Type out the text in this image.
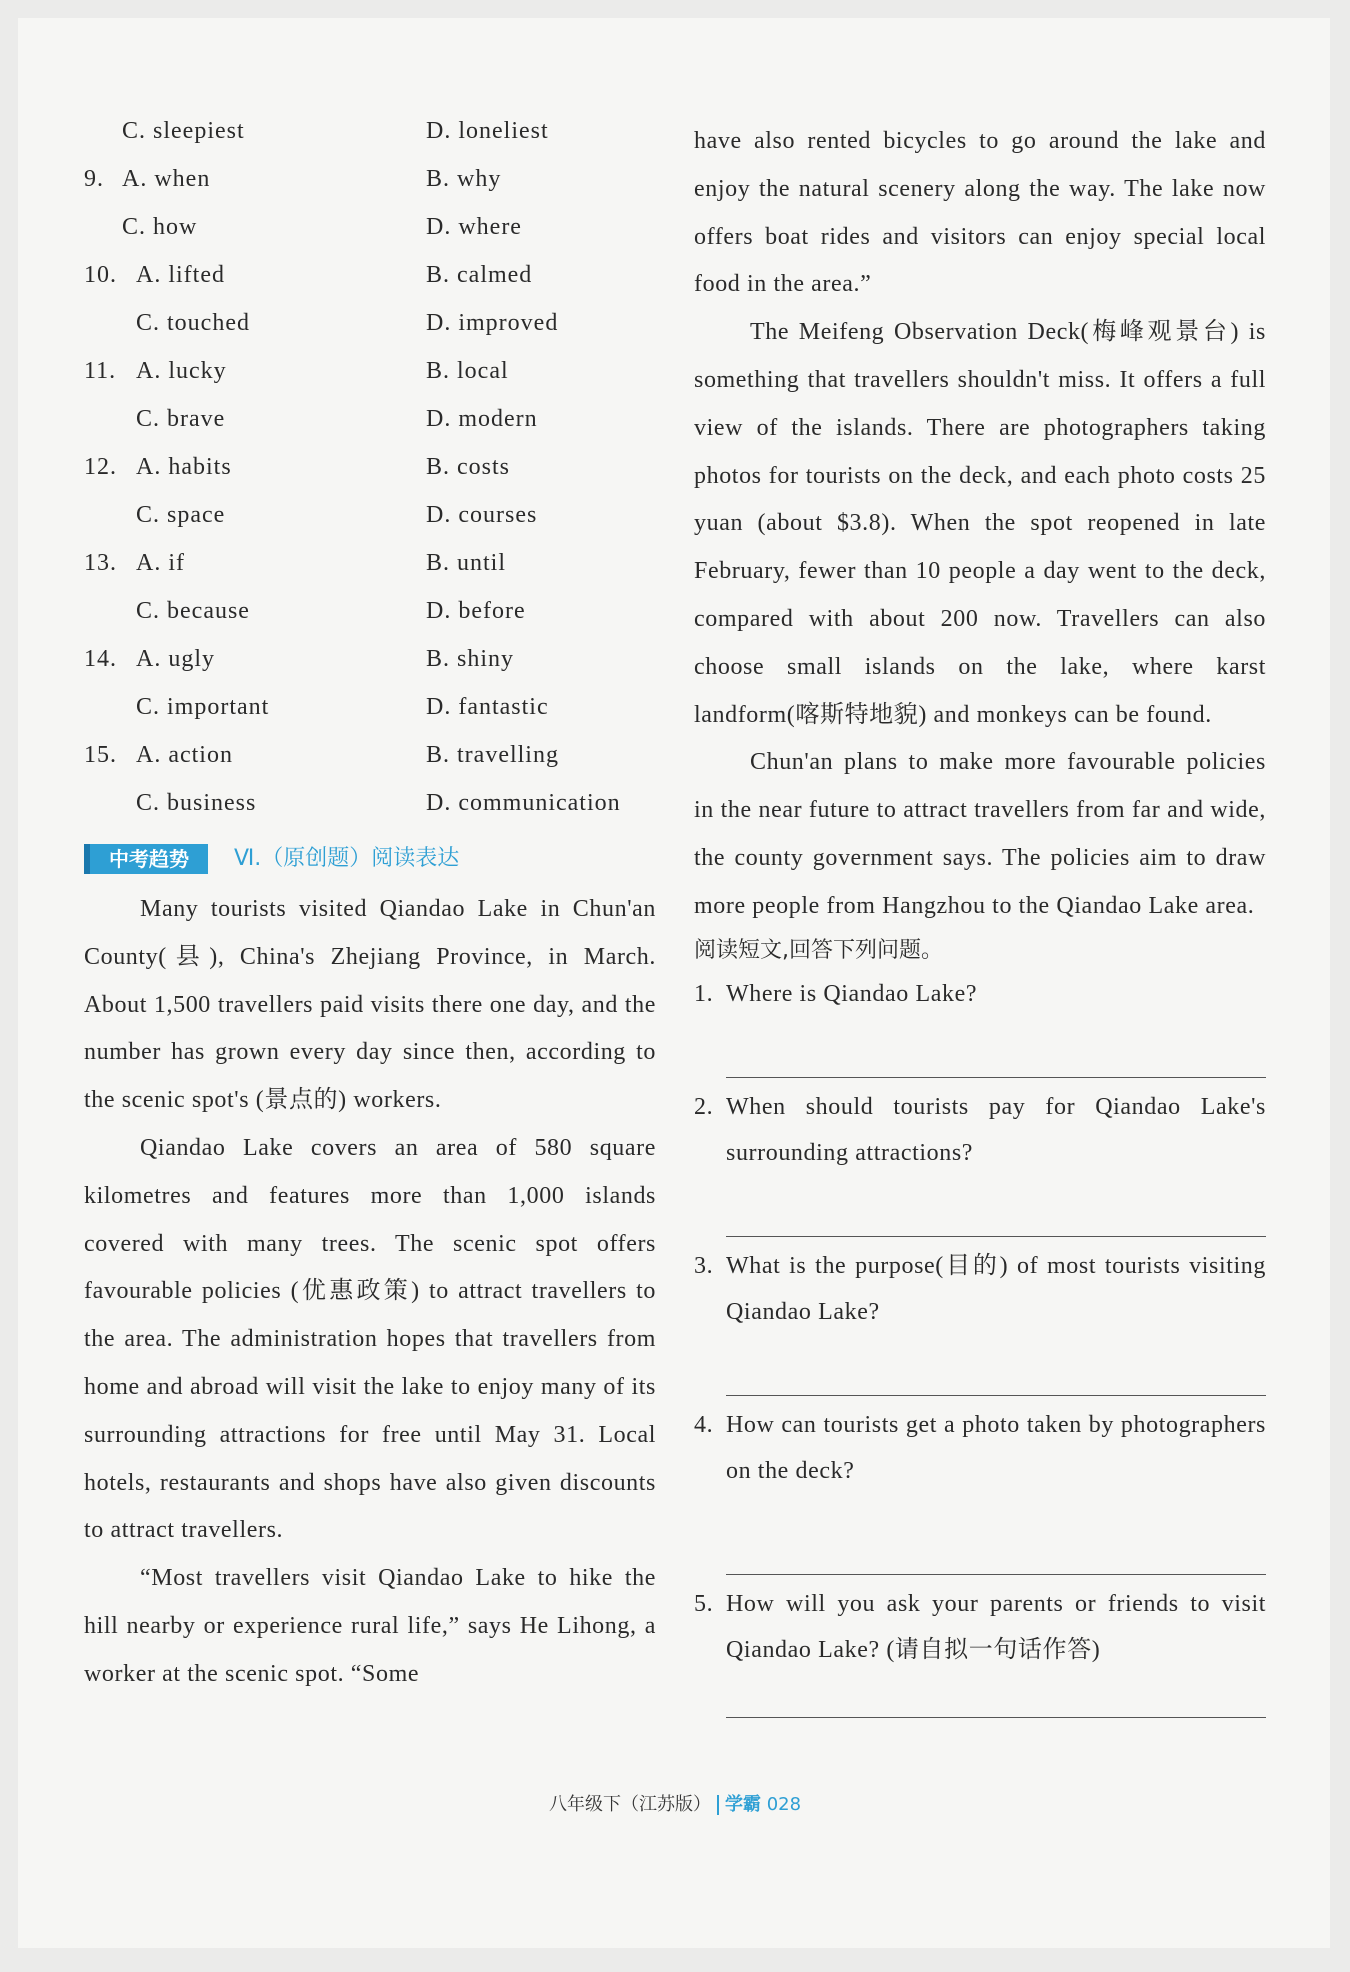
C. sleepiest	D. loneliest
9. A. when	B. why
C. how	D. where
10. A. lifted	B. calmed
C. touched	D. improved
11. A. lucky	B. local
C. brave	D. modern
12. A. habits	B. costs
C. space	D. courses
13. A. if	B. until
C. because	D. before
14. A. ugly	B. shiny
C. important	D. fantastic
15. A. action	B. travelling
C. business	D. communication
中考趋势	Ⅵ.（原创题）阅读表达

Many tourists visited Qiandao Lake in Chun'an County(县), China's Zhejiang Province, in March. About 1,500 travellers paid visits there one day, and the number has grown every day since then, according to the scenic spot's (景点的) workers.

Qiandao Lake covers an area of 580 square kilometres and features more than 1,000 islands covered with many trees. The scenic spot offers favourable policies (优惠政策) to attract travellers to the area. The administration hopes that travellers from home and abroad will visit the lake to enjoy many of its surrounding attractions for free until May 31. Local hotels, restaurants and shops have also given discounts to attract travellers.

“Most travellers visit Qiandao Lake to hike the hill nearby or experience rural life,” says He Lihong, a worker at the scenic spot. “Some

have also rented bicycles to go around the lake and enjoy the natural scenery along the way. The lake now offers boat rides and visitors can enjoy special local food in the area.”

The Meifeng Observation Deck(梅峰观景台) is something that travellers shouldn't miss. It offers a full view of the islands. There are photographers taking photos for tourists on the deck, and each photo costs 25 yuan (about $3.8). When the spot reopened in late February, fewer than 10 people a day went to the deck, compared with about 200 now. Travellers can also choose small islands on the lake, where karst landform(喀斯特地貌) and monkeys can be found.

Chun'an plans to make more favourable policies in the near future to attract travellers from far and wide, the county government says. The policies aim to draw more people from Hangzhou to the Qiandao Lake area.

阅读短文,回答下列问题。

1. Where is Qiandao Lake?
2. When should tourists pay for Qiandao Lake's surrounding attractions?
3. What is the purpose(目的) of most tourists visiting Qiandao Lake?
4. How can tourists get a photo taken by photographers on the deck?
5. How will you ask your parents or friends to visit Qiandao Lake? (请自拟一句话作答)
八年级下（江苏版） 学霸 028
